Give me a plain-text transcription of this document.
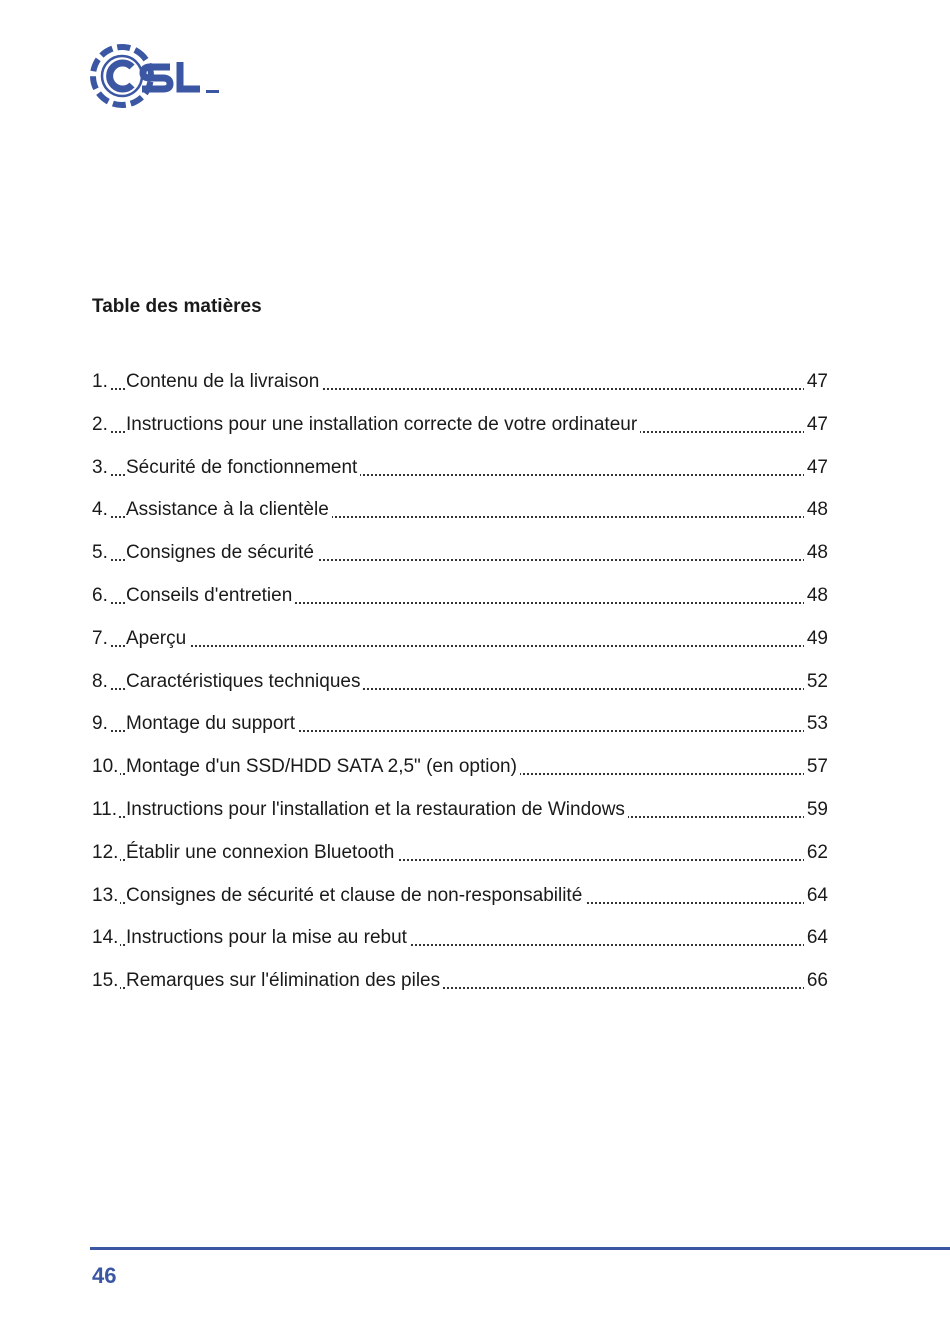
Table des matières
1. Contenu de la livraison	47
2. Instructions pour une installation correcte de votre ordinateur	47
3. Sécurité de fonctionnement	47
4. Assistance à la clientèle	48
5. Consignes de sécurité	48
6. Conseils d'entretien	48
7. Aperçu	49
8. Caractéristiques techniques	52
9. Montage du support	53
10. Montage d'un SSD/HDD SATA 2,5" (en option)	57
11. Instructions pour l'installation et la restauration de Windows	59
12. Établir une connexion Bluetooth	62
13. Consignes de sécurité et clause de non-responsabilité	64
14. Instructions pour la mise au rebut	64
15. Remarques sur l'élimination des piles	66
46
